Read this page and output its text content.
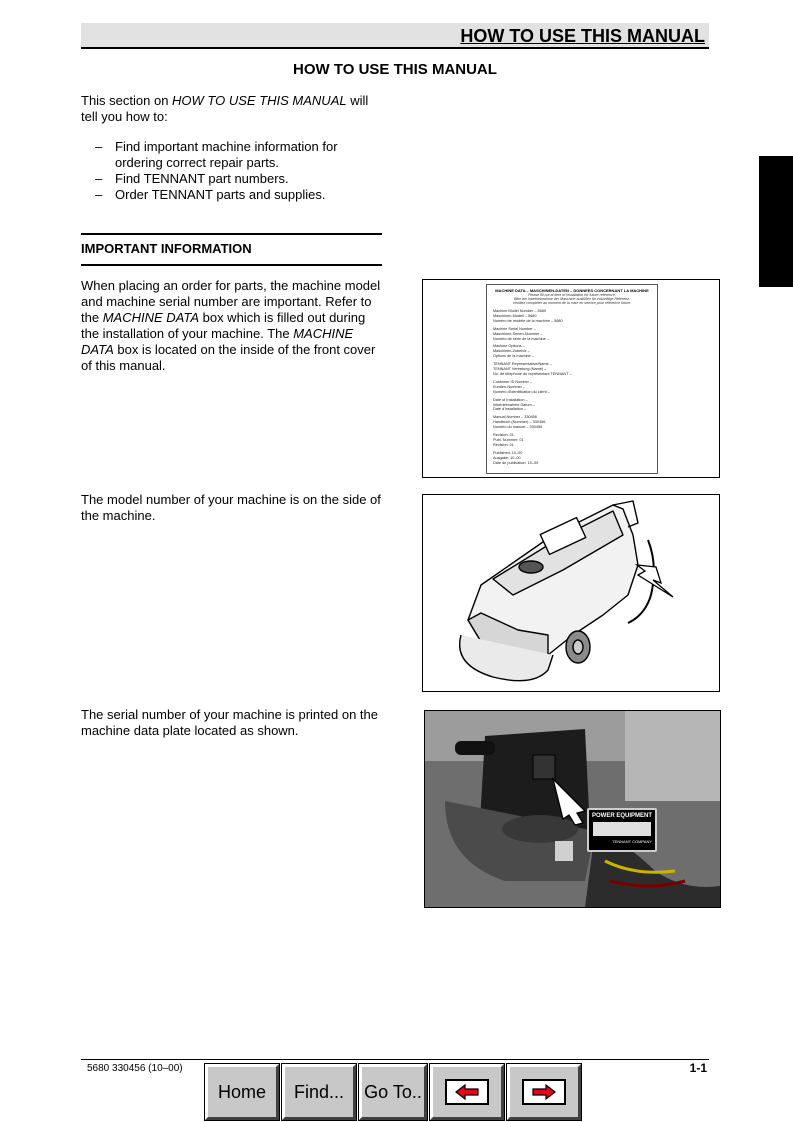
HOW TO USE THIS MANUAL
HOW TO USE THIS MANUAL
This section on HOW TO USE THIS MANUAL will tell you how to:
– Find important machine information for ordering correct repair parts.
– Find TENNANT part numbers.
– Order TENNANT parts and supplies.
IMPORTANT INFORMATION
When placing an order for parts, the machine model and machine serial number are important. Refer to the MACHINE DATA box which is filled out during the installation of your machine. The MACHINE DATA box is located on the inside of the front cover of this manual.
The model number of your machine is on the side of the machine.
The serial number of your machine is printed on the machine data plate located as shown.
MACHINE DATA – MASCHINEN-DATEN – DONNEES CONCERNANT LA MACHINE
Please fill out at time of installation for future reference.
Bitte bei Inbetriebnahme der Maschine ausfüllen für zukünftige Referenz.
Veuillez compléter au moment de la mise en service pour référence future.
Machine Model Number – 5680
Maschinen-Modell – 5680
Numéro de modèle de la machine – 5680
Machine Serial Number –
Maschinen-Serien-Nummer –
Numéro de série de la machine –
Machine Options –
Maschinen-Zubehör –
Options de la machine –
TENNANT Representative/Name –
TENNANT Vertretung (Name) –
No. de téléphone du représentant TENNANT –
Customer ID Number –
Kunden-Nummer –
Numéro d'identification du client –
Date of Installation –
Inbetriebnahme Datum –
Date d'installation –
Manual Number – 330456
Handbuch (Nummer) – 330456
Numéro du manuel – 330456
Revision: 01
Publ. Nummer: 01
Révision: 01
Published: 10–00
Ausgabe: 10–00
Date de publication: 10–00
POWER EQUIPMENT
TENNANT COMPANY
5680 330456 (10–00)	1-1
Home	Find...	Go To..
